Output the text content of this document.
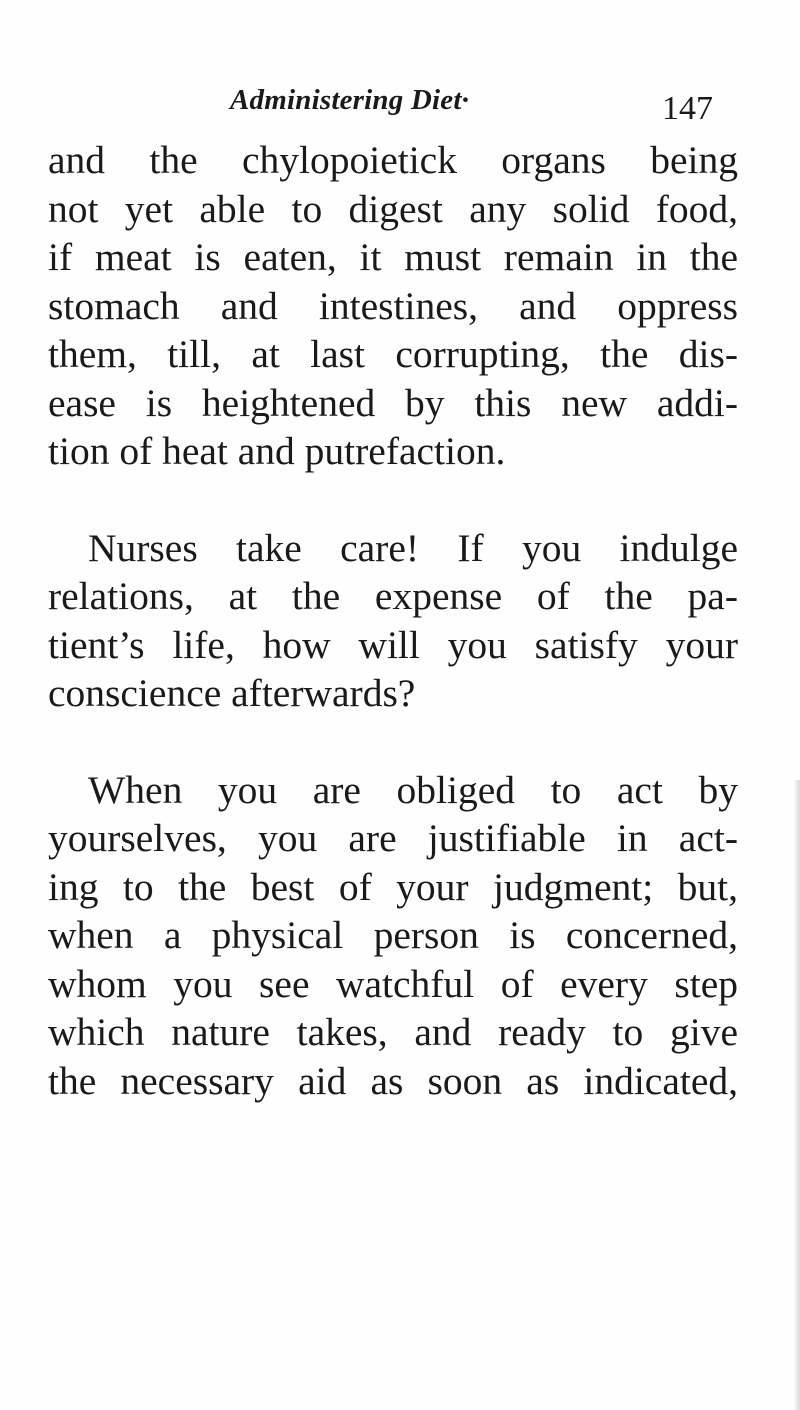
Administering Diet·	147
and the chylopoietick organs being
not yet able to digest any solid food,
if meat is eaten, it must remain in the
stomach and intestines, and oppress
them, till, at last corrupting, the dis-
ease is heightened by this new addi-
tion of heat and putrefaction.
Nurses take care! If you indulge
relations, at the expense of the pa-
tient’s life, how will you satisfy your
conscience afterwards?
When you are obliged to act by
yourselves, you are justifiable in act-
ing to the best of your judgment; but,
when a physical person is concerned,
whom you see watchful of every step
which nature takes, and ready to give
the necessary aid as soon as indicated,
